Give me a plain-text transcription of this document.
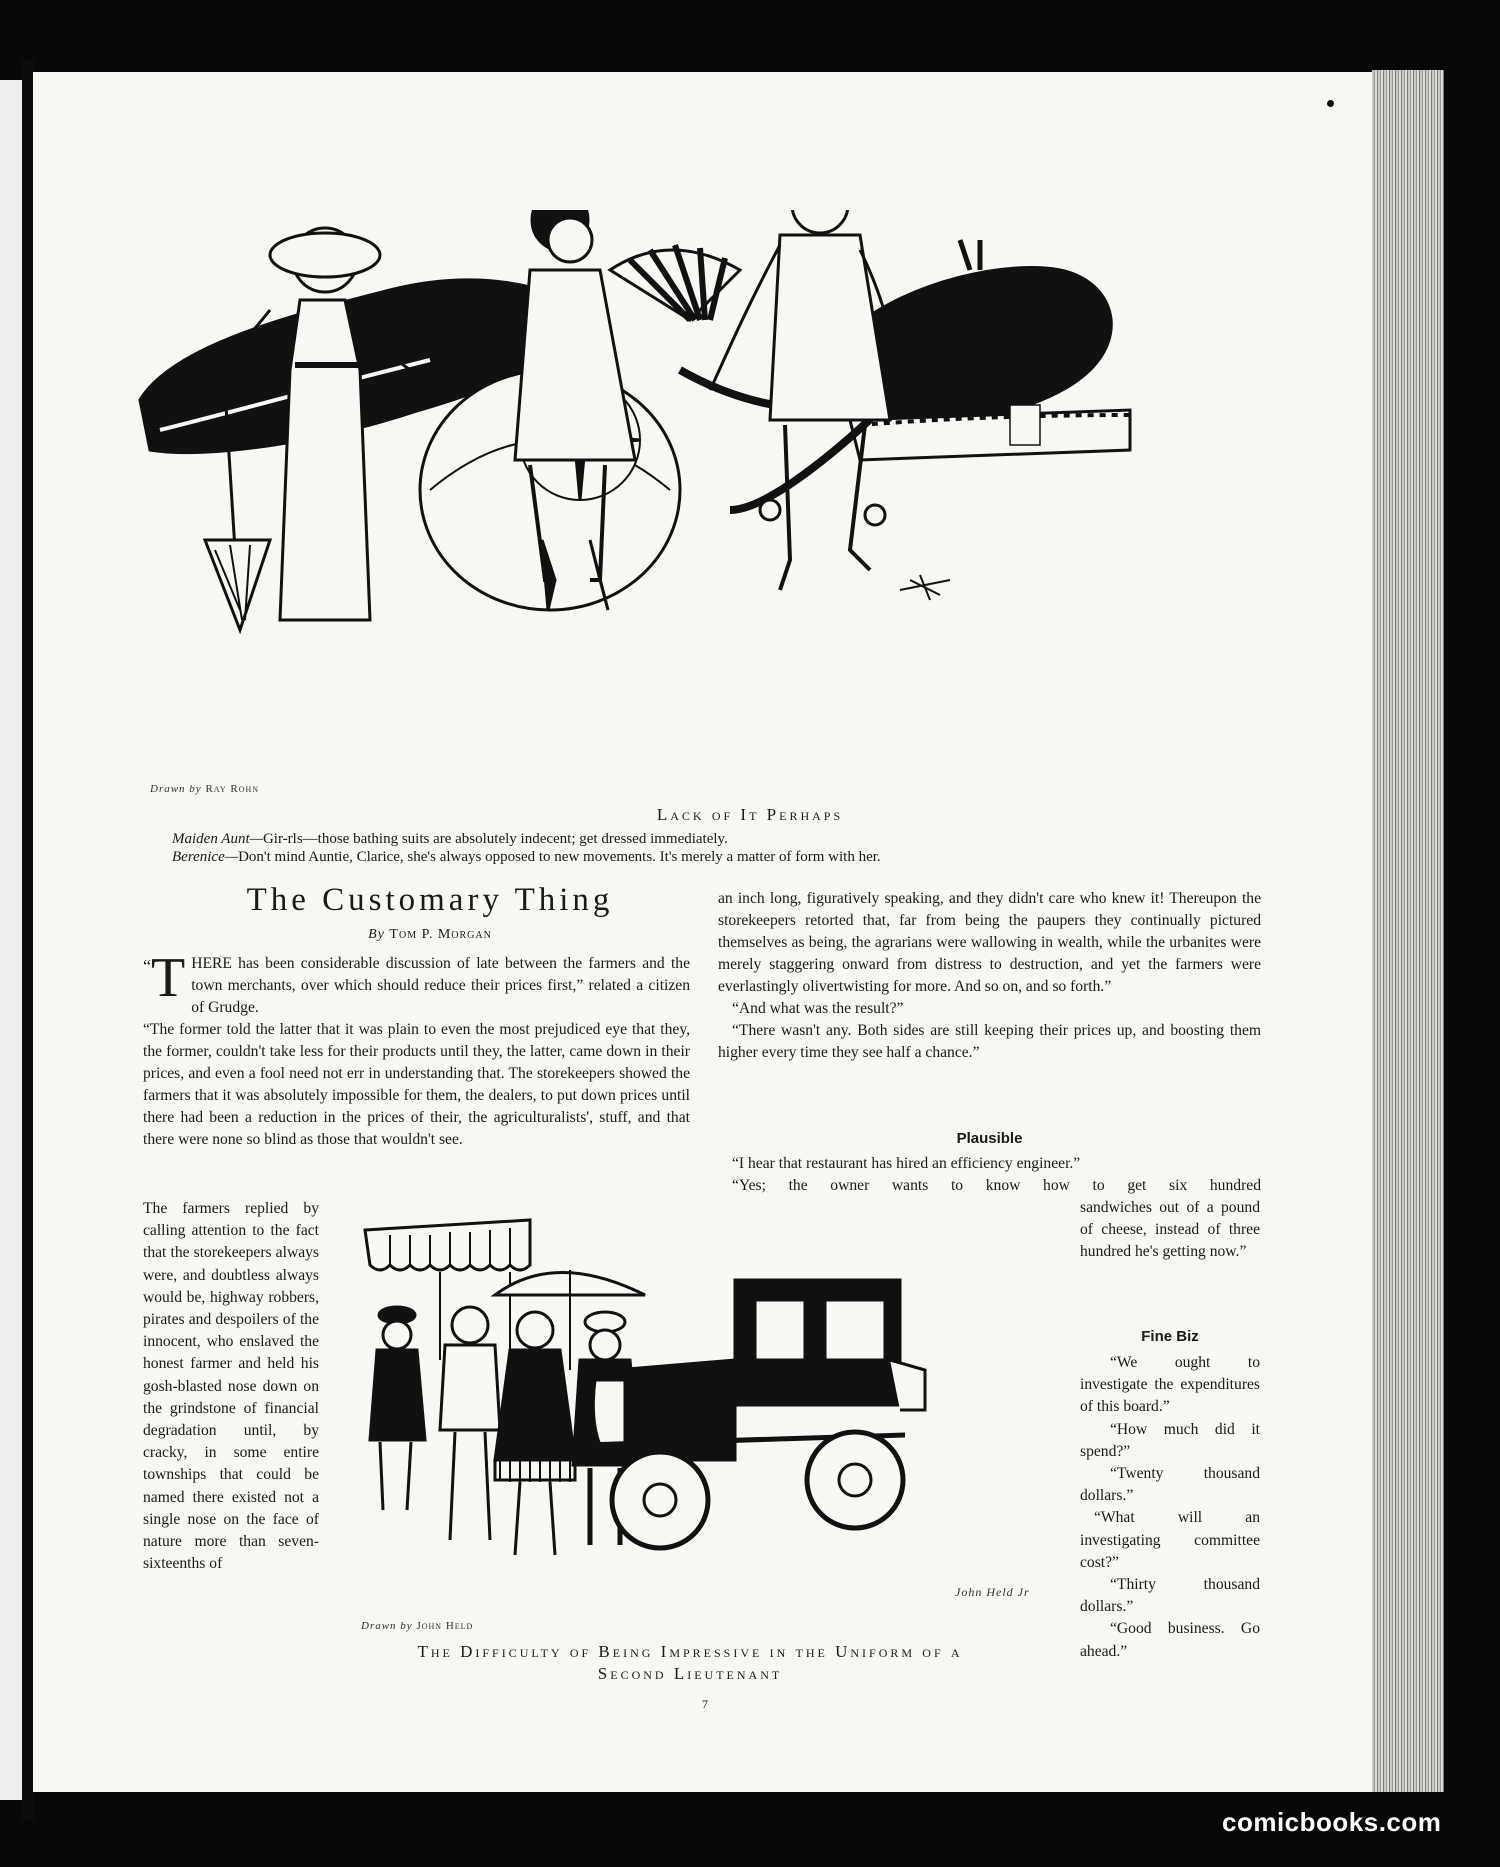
Drawn by Ray Rohn
Lack of It Perhaps
Maiden Aunt—Gir-rls—those bathing suits are absolutely indecent; get dressed immediately.
Berenice—Don't mind Auntie, Clarice, she's always opposed to new movements. It's merely a matter of form with her.
The Customary Thing
By Tom P. Morgan

“ T HERE has been considerable discussion of late between the farmers and the town merchants, over which should reduce their prices first,” related a citizen of Grudge.

“The former told the latter that it was plain to even the most prejudiced eye that they, the former, couldn't take less for their products until they, the latter, came down in their prices, and even a fool need not err in understanding that. The storekeepers showed the farmers that it was absolutely impossible for them, the dealers, to put down prices until there had been a reduction in the prices of their, the agriculturalists', stuff, and that there were none so blind as those that wouldn't see.

The farmers replied by calling attention to the fact that the storekeepers always were, and doubtless always would be, highway robbers, pirates and despoilers of the innocent, who enslaved the honest farmer and held his gosh-blasted nose down on the grindstone of financial degradation until, by cracky, in some entire townships that could be named there existed not a single nose on the face of nature more than seven-sixteenths of

an inch long, figuratively speaking, and they didn't care who knew it! Thereupon the storekeepers retorted that, far from being the paupers they continually pictured themselves as being, the agrarians were wallowing in wealth, while the urbanites were merely staggering onward from distress to destruction, and yet the farmers were everlastingly olivertwisting for more. And so on, and so forth.”

“And what was the result?”

“There wasn't any. Both sides are still keeping their prices up, and boosting them higher every time they see half a chance.”

Plausible

“I hear that restaurant has hired an efficiency engineer.”

“Yes; the owner wants to know how to get six hundred

sandwiches out of a pound of cheese, instead of three hundred he's getting now.”
Fine Biz

“We ought to investigate the expenditures of this board.”

“How much did it spend?”

“Twenty thousand dollars.”

“What will an investigating committee cost?”

“Thirty thousand dollars.”

“Good business. Go ahead.”

Drawn by John Held
John Held Jr
The Difficulty of Being Impressive in the Uniform of a
Second Lieutenant
7
comicbooks.com
